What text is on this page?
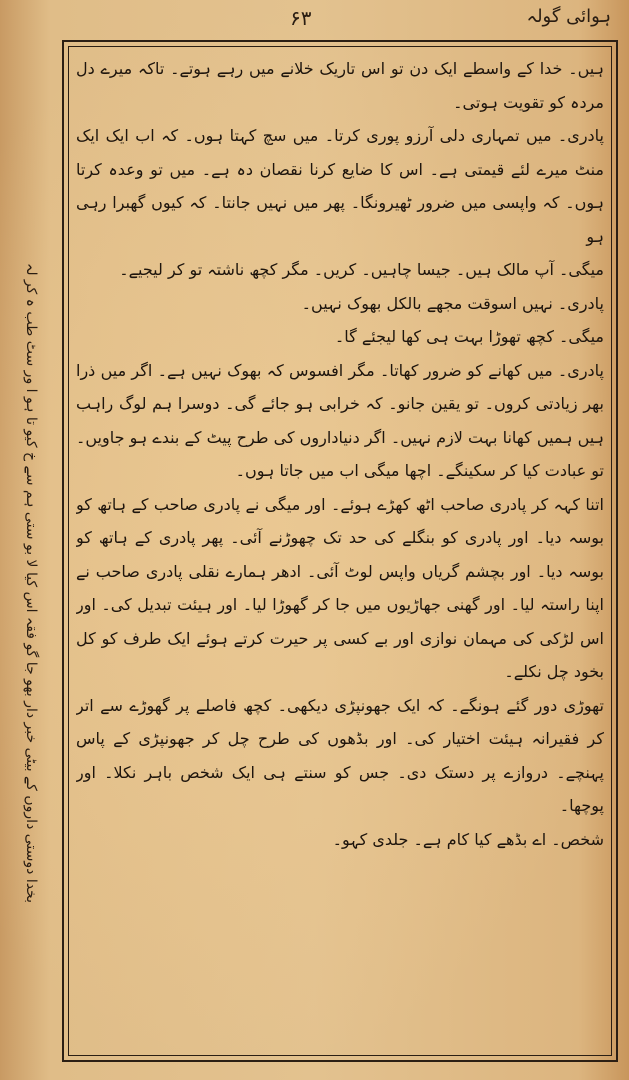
۶۳	ہوائی گولہ
بخدا دوستی داروں کے بیٹی خبر دار بھو جا گو فقہ اس کیا لا بو ستی ہم سے خ کیو تا ہو ا ور سٹ طب ہ کر لہ

ہیں۔ خدا کے واسطے ایک دن تو اس تاریک خلانے میں رہے ہوتے۔ تاکہ میرے دل مردہ کو تقویت ہوتی۔

پادری۔ میں تمہاری دلی آرزو پوری کرتا۔ میں سچ کہتا ہوں۔ کہ اب ایک ایک منٹ میرے لئے قیمتی ہے۔ اس کا ضایع کرنا نقصان دہ ہے۔ میں تو وعدہ کرتا ہوں۔ کہ واپسی میں ضرور ٹھیرونگا۔ پھر میں نہیں جانتا۔ کہ کیوں گھبرا رہی ہو

میگی۔ آپ مالک ہیں۔ جیسا چاہیں۔ کریں۔ مگر کچھ ناشتہ تو کر لیجیے۔

پادری۔ نہیں اسوقت مجھے بالکل بھوک نہیں۔

میگی۔ کچھ تھوڑا بہت ہی کھا لیجئے گا۔

پادری۔ میں کھانے کو ضرور کھاتا۔ مگر افسوس کہ بھوک نہیں ہے۔ اگر میں ذرا بھر زیادتی کروں۔ تو یقین جانو۔ کہ خرابی ہو جائے گی۔ دوسرا ہم لوگ راہب ہیں ہمیں کھانا بہت لازم نہیں۔ اگر دنیاداروں کی طرح پیٹ کے بندے ہو جاویں۔ تو عبادت کیا کر سکینگے۔ اچھا میگی اب میں جاتا ہوں۔

اتنا کہہ کر پادری صاحب اٹھ کھڑے ہوئے۔ اور میگی نے پادری صاحب کے ہاتھ کو بوسہ دیا۔ اور پادری کو بنگلے کی حد تک چھوڑنے آئی۔ پھر پادری کے ہاتھ کو بوسہ دیا۔ اور بچشم گریاں واپس لوٹ آئی۔ ادھر ہمارے نقلی پادری صاحب نے اپنا راستہ لیا۔ اور گھنی جھاڑیوں میں جا کر گھوڑا لیا۔ اور ہیئت تبدیل کی۔ اور اس لڑکی کی مہمان نوازی اور بے کسی پر حیرت کرتے ہوئے ایک طرف کو کل بخود چل نکلے۔

تھوڑی دور گئے ہونگے۔ کہ ایک جھونپڑی دیکھی۔ کچھ فاصلے پر گھوڑے سے اتر کر فقیرانہ ہیئت اختیار کی۔ اور بڈھوں کی طرح چل کر جھونپڑی کے پاس پہنچے۔ دروازے پر دستک دی۔ جس کو سنتے ہی ایک شخص باہر نکلا۔ اور پوچھا۔

شخص۔ اے بڈھے کیا کام ہے۔ جلدی کہو۔
